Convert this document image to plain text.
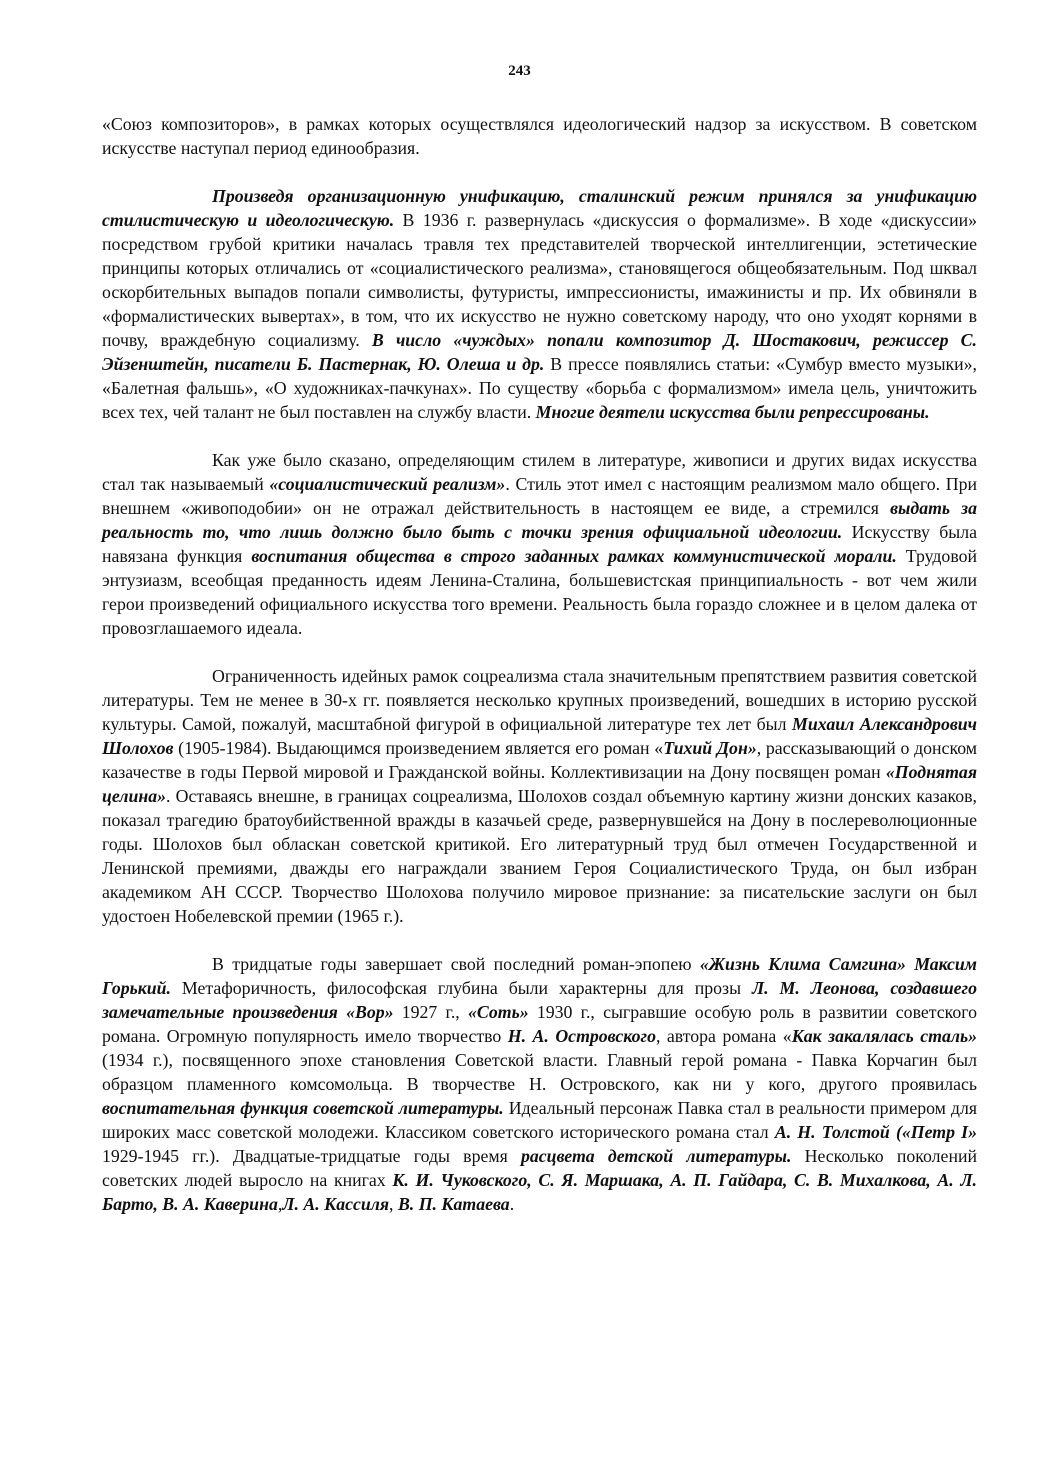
243

«Союз композиторов», в рамках которых осуществлялся идеологический надзор за искусством. В советском искусстве наступал период единообразия.

Произведя организационную унификацию, сталинский режим принялся за унификацию стилистическую и идеологическую. В 1936 г. развернулась «дискуссия о формализме». В ходе «дискуссии» посредством грубой критики началась травля тех представителей творческой интеллигенции, эстетические принципы которых отличались от «социалистического реализма», становящегося общеобязательным. Под шквал оскорбительных выпадов попали символисты, футуристы, импрессионисты, имажинисты и пр. Их обвиняли в «формалистических вывертах», в том, что их искусство не нужно советскому народу, что оно уходят корнями в почву, враждебную социализму. В число «чуждых» попали композитор Д. Шостакович, режиссер С. Эйзенштейн, писатели Б. Пастернак, Ю. Олеша и др. В прессе появлялись статьи: «Сумбур вместо музыки», «Балетная фальшь», «О художниках-пачкунах». По существу «борьба с формализмом» имела цель, уничтожить всех тех, чей талант не был поставлен на службу власти. Многие деятели искусства были репрессированы.

Как уже было сказано, определяющим стилем в литературе, живописи и других видах искусства стал так называемый «социалистический реализм». Стиль этот имел с настоящим реализмом мало общего. При внешнем «живоподобии» он не отражал действительность в настоящем ее виде, а стремился выдать за реальность то, что лишь должно было быть с точки зрения официальной идеологии. Искусству была навязана функция воспитания общества в строго заданных рамках коммунистической морали. Трудовой энтузиазм, всеобщая преданность идеям Ленина-Сталина, большевистская принципиальность - вот чем жили герои произведений официального искусства того времени. Реальность была гораздо сложнее и в целом далека от провозглашаемого идеала.

Ограниченность идейных рамок соцреализма стала значительным препятствием развития советской литературы. Тем не менее в 30-х гг. появляется несколько крупных произведений, вошедших в историю русской культуры. Самой, пожалуй, масштабной фигурой в официальной литературе тех лет был Михаил Александрович Шолохов (1905-1984). Выдающимся произведением является его роман «Тихий Дон», рассказывающий о донском казачестве в годы Первой мировой и Гражданской войны. Коллективизации на Дону посвящен роман «Поднятая целина». Оставаясь внешне, в границах соцреализма, Шолохов создал объемную картину жизни донских казаков, показал трагедию братоубийственной вражды в казачьей среде, развернувшейся на Дону в послереволюционные годы. Шолохов был обласкан советской критикой. Его литературный труд был отмечен Государственной и Ленинской премиями, дважды его награждали званием Героя Социалистического Труда, он был избран академиком АН СССР. Творчество Шолохова получило мировое признание: за писательские заслуги он был удостоен Нобелевской премии (1965 г.).

В тридцатые годы завершает свой последний роман-эпопею «Жизнь Клима Самгина» Максим Горький. Метафоричность, философская глубина были характерны для прозы Л. М. Леонова, создавшего замечательные произведения «Вор» 1927 г., «Соть» 1930 г., сыгравшие особую роль в развитии советского романа. Огромную популярность имело творчество Н. А. Островского, автора романа «Как закалялась сталь» (1934 г.), посвященного эпохе становления Советской власти. Главный герой романа - Павка Корчагин был образцом пламенного комсомольца. В творчестве Н. Островского, как ни у кого, другого проявилась воспитательная функция советской литературы. Идеальный персонаж Павка стал в реальности примером для широких масс советской молодежи. Классиком советского исторического романа стал А. Н. Толстой («Петр I» 1929-1945 гг.). Двадцатые-тридцатые годы время расцвета детской литературы. Несколько поколений советских людей выросло на книгах К. И. Чуковского, С. Я. Маршака, А. П. Гайдара, С. В. Михалкова, А. Л. Барто, В. А. Каверина,Л. А. Кассиля, В. П. Катаева.
